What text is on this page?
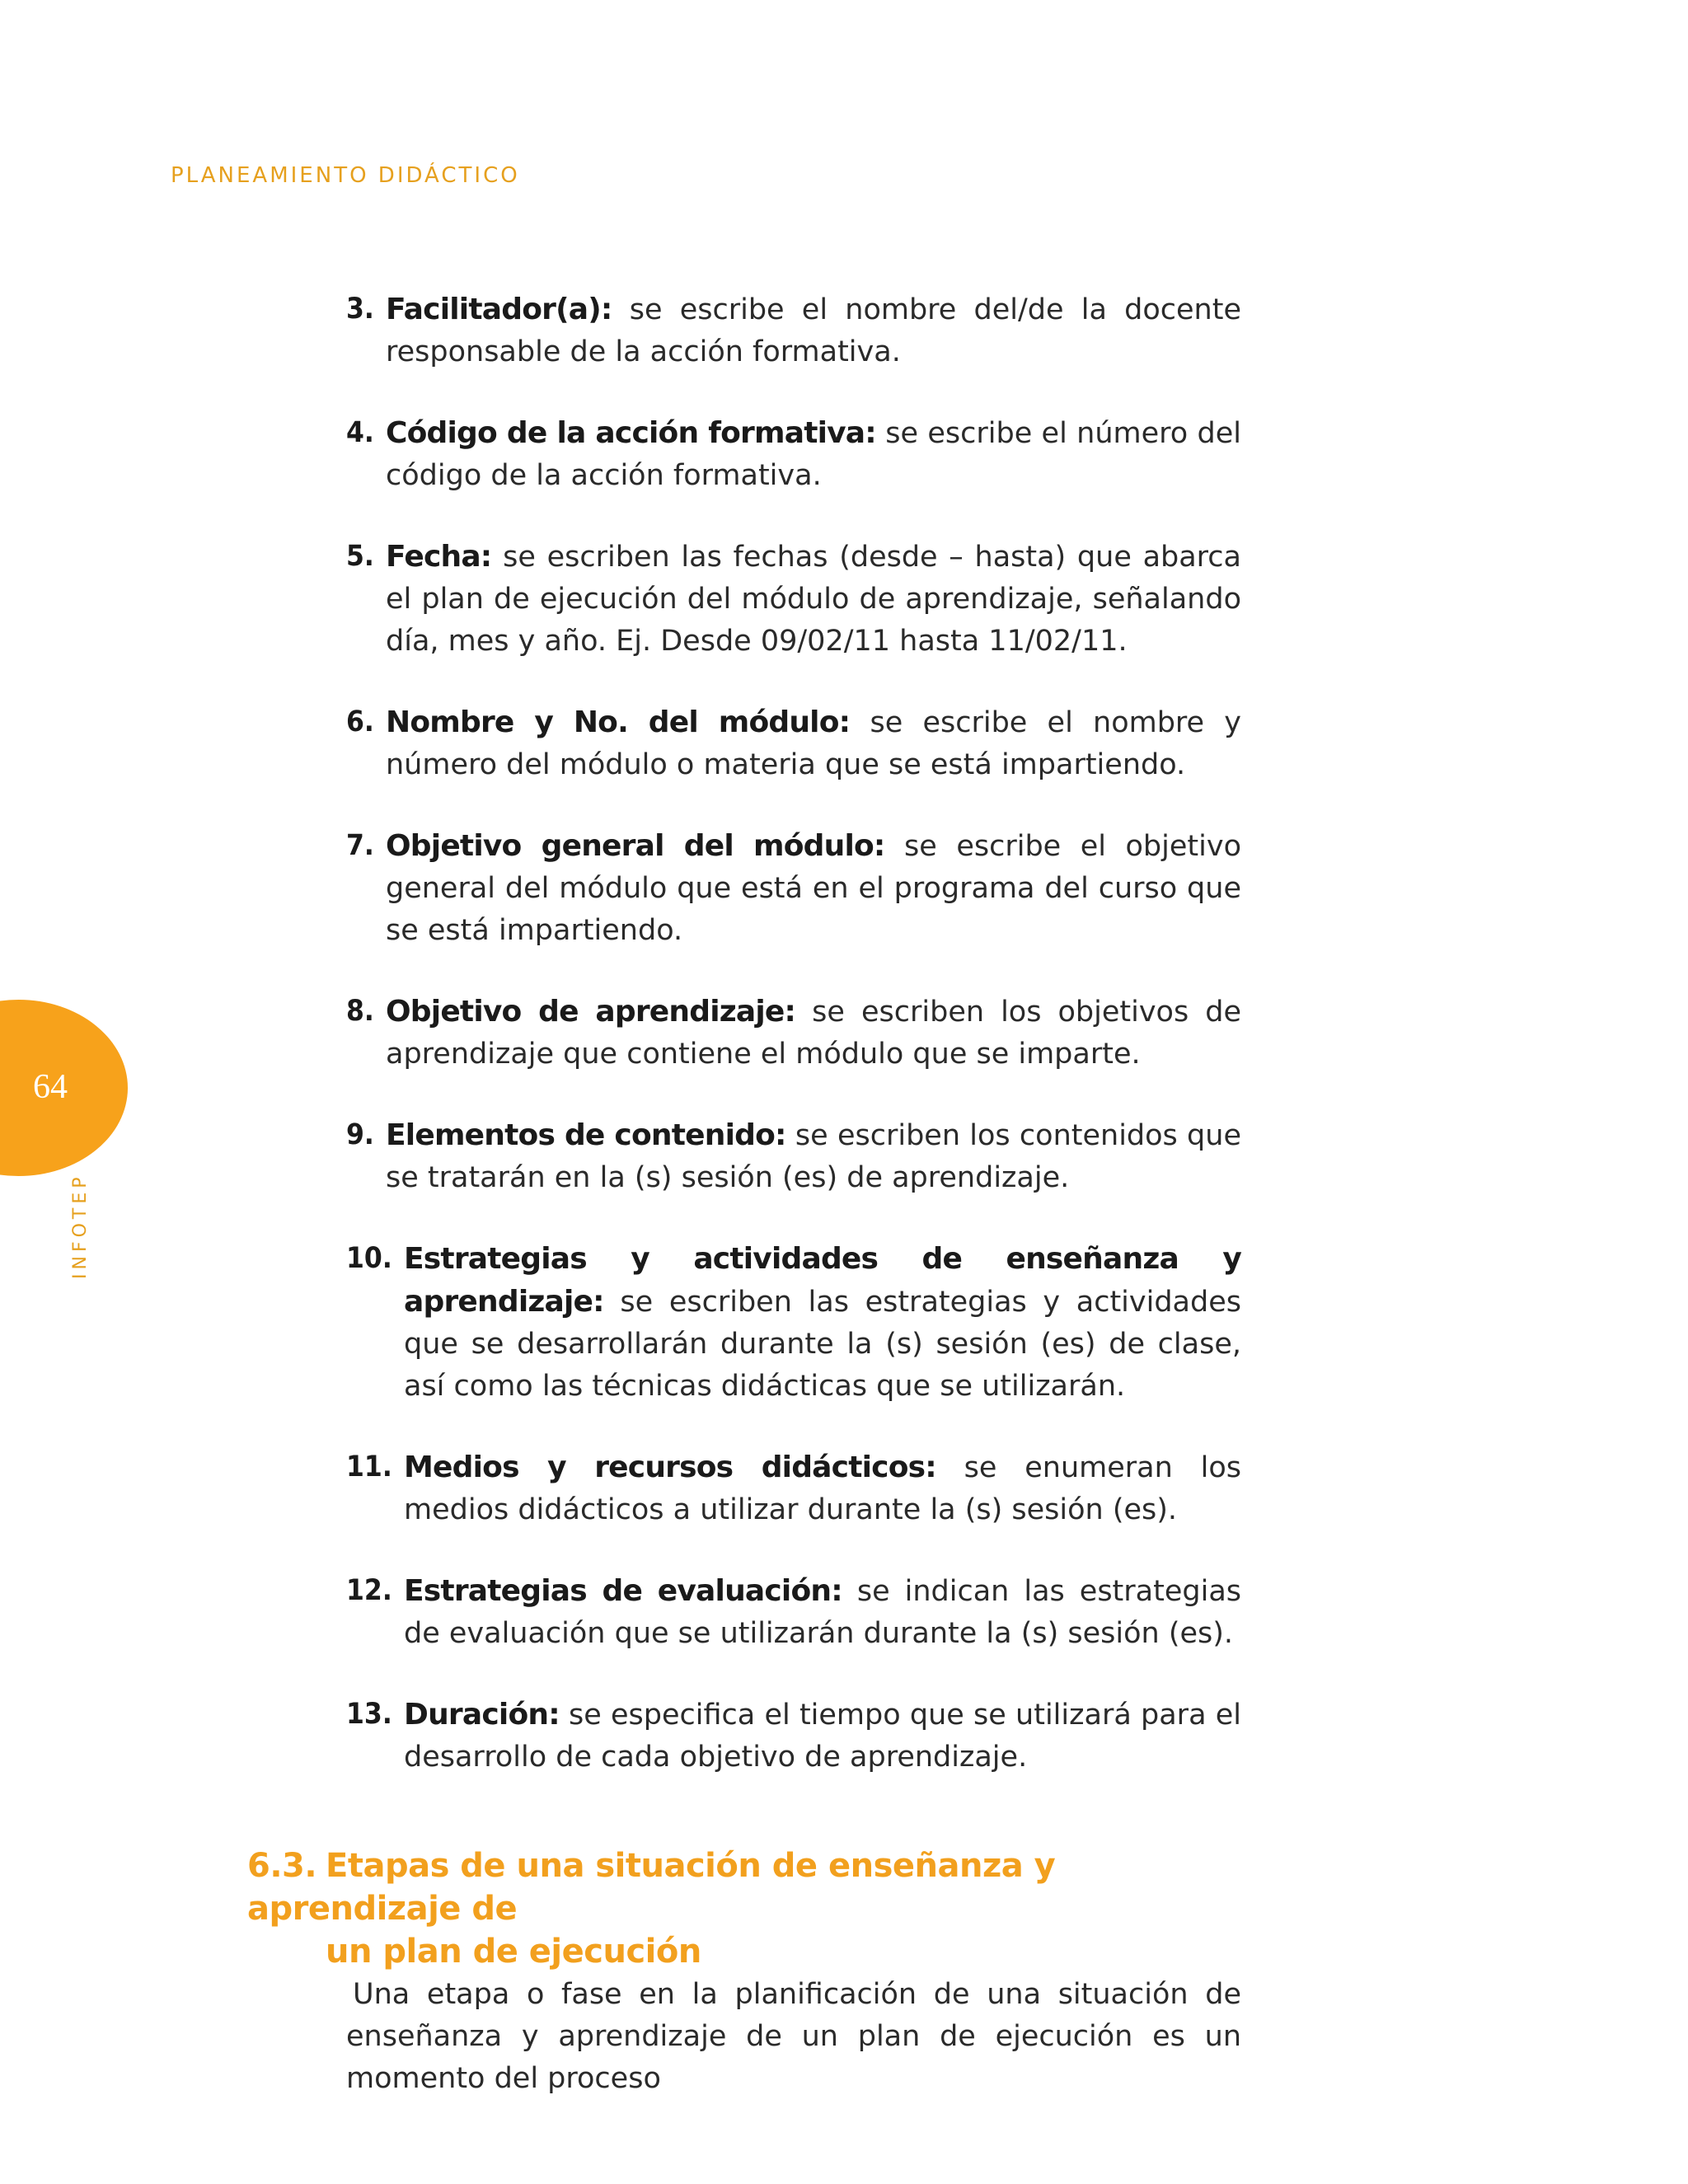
PLANEAMIENTO DIDÁCTICO
64
INFOTEP
3. Facilitador(a): se escribe el nombre del/de la docente responsable de la acción formativa.
4. Código de la acción formativa: se escribe el número del código de la acción formativa.
5. Fecha: se escriben las fechas (desde – hasta) que abarca el plan de ejecución del módulo de aprendizaje, señalando día, mes y año. Ej. Desde 09/02/11 hasta 11/02/11.
6. Nombre y No. del módulo: se escribe el nombre y número del módulo o materia que se está impartiendo.
7. Objetivo general del módulo: se escribe el objetivo general del módulo que está en el programa del curso que se está impartiendo.
8. Objetivo de aprendizaje: se escriben los objetivos de aprendizaje que contiene el módulo que se imparte.
9. Elementos de contenido: se escriben los contenidos que se tratarán en la (s) sesión (es) de aprendizaje.
10. Estrategias y actividades de enseñanza y aprendizaje: se escriben las estrategias y actividades que se desarrollarán durante la (s) sesión (es) de clase, así como las técnicas didácticas que se utilizarán.
11. Medios y recursos didácticos: se enumeran los medios didácticos a utilizar durante la (s) sesión (es).
12. Estrategias de evaluación: se indican las estrategias de evaluación que se utilizarán durante la (s) sesión (es).
13. Duración: se especifica el tiempo que se utilizará para el desarrollo de cada objetivo de aprendizaje.
6.3. Etapas de una situación de enseñanza y aprendizaje de
un plan de ejecución

Una etapa o fase en la planificación de una situación de enseñanza y aprendizaje de un plan de ejecución es un momento del proceso
